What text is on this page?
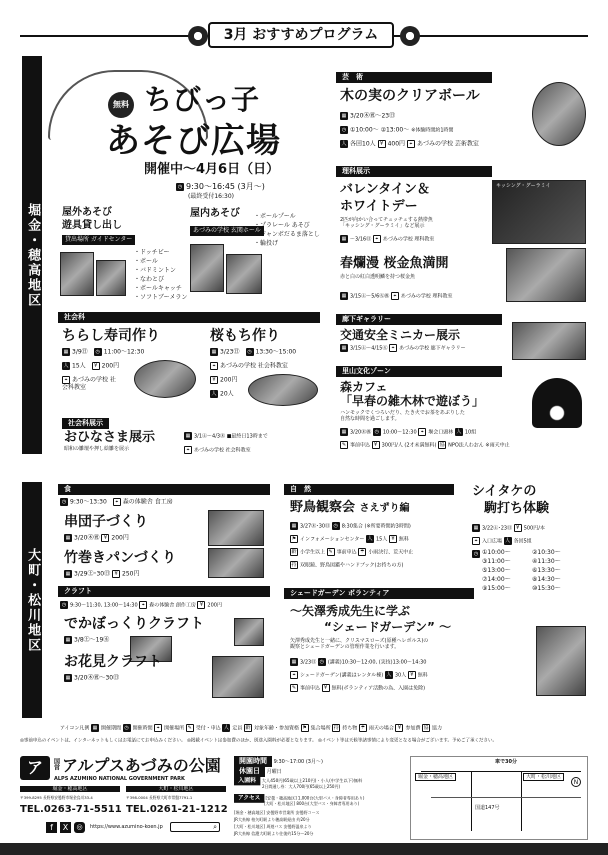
3月 おすすめプログラム
堀金・穂高地区
大町・松川地区
無料 ちびっ子
あそび広場
開催中～4月6日（日）
◷ 9:30～16:45 (3月～)
(最終受付16:30)
屋外あそび
遊具貸し出し
貸出場所 ガイドセンター
・ドッチビー
・ボール
・バドミントン
・なわとび
・ボールキャッチ
・ソフトブーメラン
屋内あそび
あづみの学校 玄関ホール
・ボールプール
・プラレール あそび
・ジャンボだるま落とし
・輪投げ
社会科
ちらし寿司作り
▦ 3/9㊐　 ◷ 11:00～12:30
人 15人　 ¥ 200円
⌖ あづみの学校 社会科教室
桜もち作り
▦ 3/23㊐　 ◷ 13:30～15:00
⌖ あづみの学校 社会科教室
¥ 200円
人 20人
社会科展示
おひなさま展示
昭和の雛壇や押し絵雛を展示
▦ 3/1㊏～4/3㊍ ■最終日13時まで
⌖ あづみの学校 社会科教室
芸　術
木の実のクリアボール
▦ 3/20㊍㊗～23㊐
◷ ①10:00～ ②13:00～ ※体験時間約1時間
人 各回10人 ¥ 400円 ⌖ あづみの学校 芸術教室
理科展示
バレンタイン＆
ホワイトデー
2匹が向かい合ってチュッチュする熱帯魚
「キッシング・グーラミイ」など展示
▦ ～3/16㊐ ⌖ あづみの学校 理科教室
キッシング・グーラミイ
春爛漫 桜金魚満開
赤と白の紅白透明鱗を持つ桜金魚
▦ 3/15㊏～5/6㊋㊗ ⌖ あづみの学校 理科教室
廊下ギャラリー
交通安全ミニカー展示
▦ 3/15㊏～4/15㊋ ⌖ あづみの学校 廊下ギャラリー
里山文化ゾーン
森カフェ
「早春の雑木林で遊ぼう」
ハンモックでくつろいだり、たき火でお茶をあぶりした
自然な時間を過ごします。
▦ 3/20㊍㊗ ◷ 10:00～12:30 ⌖ 堰会口頭林 人 10組
✎ 事前申込 ¥ 300円/人 (2才未満無料) 協 NPO法人わおん ※雨天中止
食
◷ 9:30～13:30　 ⌖ 森の体験舎 食工房
串団子づくり
▦ 3/20㊍㊗ ¥ 200円
竹巻きパンづくり
▦ 3/29㊏･30㊐ ¥ 250円
クラフト
◷ 9:30～11:30, 13:00～14:30 ⌖ 森の体験舎 創作工房 ¥ 200円
でかぼっくりクラフト
▦ 3/8㊏～19㊌
お花見クラフト
▦ 3/20㊍㊗～30㊐
自　然
野鳥観察会 さえずり編
▦ 3/27㊍･30㊐ ◷ 8:30集合 (※所要時間約3時間)
⚑ インフォメーションセンター 人 15人 ¥ 無料
齢 小学生以上 ✎ 事前申込 ☂ 小雨決行、荒天中止
持 双眼鏡、野鳥図鑑やハンドブック(お持ちの方)
シイタケの
駒打ち体験
▦ 3/22㊏･23㊐ ¥ 500円/本
⌖ 入口広場 人 各回5組
◷ ①10:00～
③11:00～
⑤13:00～
⑦14:00～
⑨15:00～
②10:30～
④11:30～
⑥13:30～
⑧14:30～
⑩15:30～
シェードガーデン ボランティア
～矢澤秀成先生に学ぶ
“シェードガーデン” ～
矢澤秀成先生と一緒に、クリスマスローズ(原種ヘレボルス)の
観察とシェードガーデンの管理作業を行います。
▦ 3/23㊐ ◷ (講義)10:30～12:00, (実技)13:00～14:30
⌖ シェードガーデン(講義はレンタル棟) 人 30人 ¥ 無料
✎ 事前申込 ¥ 無料(ボランティア活動の為、入園は免除)
アイコン凡例 ▦ 開催期間 ◷ 開催時間 ⌖ 開催場所 ✎ 受付・申込 人 定員 齢 対象年齢・参加資格 ⚑ 集合場所 持 持ち物 ☂ 雨天の場合 ¥ 参加費 協 協力
◎事前申込のイベントは、インターネットもしくはお電話にてお申込みください。 ◎掲載イベントは参加費のほか、別途入園料が必要となります。 ◎イベント等は天候等諸事情により変更となる場合がございます。予めご了承ください。
ア	国営 アルプスあづみの公園
ALPS AZUMINO NATIONAL GOVERNMENT PARK
堀金・穂高地区	大町・松川地区
〒399-8295 長野県安曇野市堀金烏川33-4	〒398-0004 長野県大町市常盤7791-1
TEL.0263-71-5511 TEL.0261-21-1212
f	X	◎	https://www.azumino-koen.jp	⌕
開園時間 9:30～17:00 (3月～)
休園日 月曜日
入園料 大人450円(65歳以上210円)・小人(中学生以下)無料
2日間通し券：大人700円(65歳以上250円)
アクセス [安曇・穂高地区] 1,000台(大型バス・身障者専用あり)
[大町・松川地区] 800台(大型バス・身障者専用あり)
[堀金・穂高地区] 安曇野市営業所 安曇野コース
JR大糸線 柏矢町駅より穂高駅経由 約20分
[大町・松川地区] 周遊バス 安曇野温泉より
JR大糸線 信濃大町駅より往復約15分～20分
車で30分
堀金・穂高地区	大町・松川地区
国道147号
N
